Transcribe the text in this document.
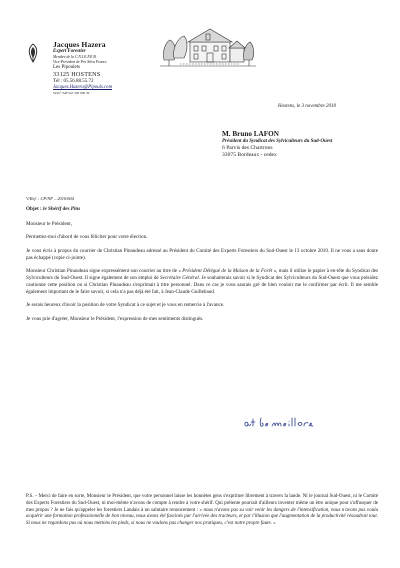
Jacques Hazera
Expert Forestier
Membre de la C.N.I.E.F.E.B.
Vice-Président de Pro Silva France
Les Pipoulets
33125 HOSTENS
Tél : 05.56.88.55.72
Jacques.Hazera@Pipouls.com
Siren° 348 322 590 000 39
Hostens, le 3 novembre 2010
M. Bruno LAFON
Président du Syndicat des Sylviculteurs du Sud-Ouest
6 Parvis des Chartrons
33075 Bordeaux - cedex
V/Ref. : CP/NF – 2010/604
Objet : le Shérif des Pins

Monsieur le Président,

Permettez-moi d'abord de vous féliciter pour votre élection.

Je vous écris à propos du courrier de Christian Pinaudeau adressé au Président du Comité des Experts Forestiers du Sud-Ouest le 13 octobre 2010. Il ne vous a sans doute pas échappé (copie ci-jointe).

Monsieur Christian Pinaudeau signe expressément son courrier au titre de « Président Délégué de la Maison de la Forêt », mais il utilise le papier à en-tête du Syndicat des Sylviculteurs du Sud-Ouest. Il signe également de son emploi de Secrétaire Général. Je souhaiterais savoir si le Syndicat des Sylviculteurs du Sud-Ouest que vous présidez cautionne cette position ou si Christian Pinaudeau s'exprimait à titre personnel. Dans ce cas je vous saurais gré de bien vouloir me le confirmer par écrit. Il me semble également important de le faire savoir, si cela n'a pas déjà été fait, à Jean-Claude Guillebaud.

Je serais heureux d'avoir la position de votre Syndicat à ce sujet et je vous en remercie à l'avance.

Je vous prie d'agréer, Monsieur le Président, l'expression de mes sentiments distingués.

P.S. – Merci de faire en sorte, Monsieur le Président, que votre personnel laisse les honnêtes gens s'exprimer librement à travers la lande. Ni le journal Sud-Ouest, ni le Comité des Experts Forestiers du Sud-Ouest, ni moi-même n'avons de compte à rendre à votre shérif. Qui prétente pourrait d'ailleurs inventer même un être unique pour s'offusquer de mes propos ? Je ne fais qu'appeler les forestiers Landais à un salutaire renoncement : « nous n'avons pas su voir venir les dangers de l'intensification, nous n'avons pas voulu acquérir une formation professionnelle de bon niveau, nous avons été fascinés par l'arrivée des tracteurs, et par l'illusion que l'augmentation de la productivité résoudrait tout. Si nous ne regardons pas où nous mettons les pieds, si nous ne voulons pas changer nos pratiques, c'est notre propre faute. »
